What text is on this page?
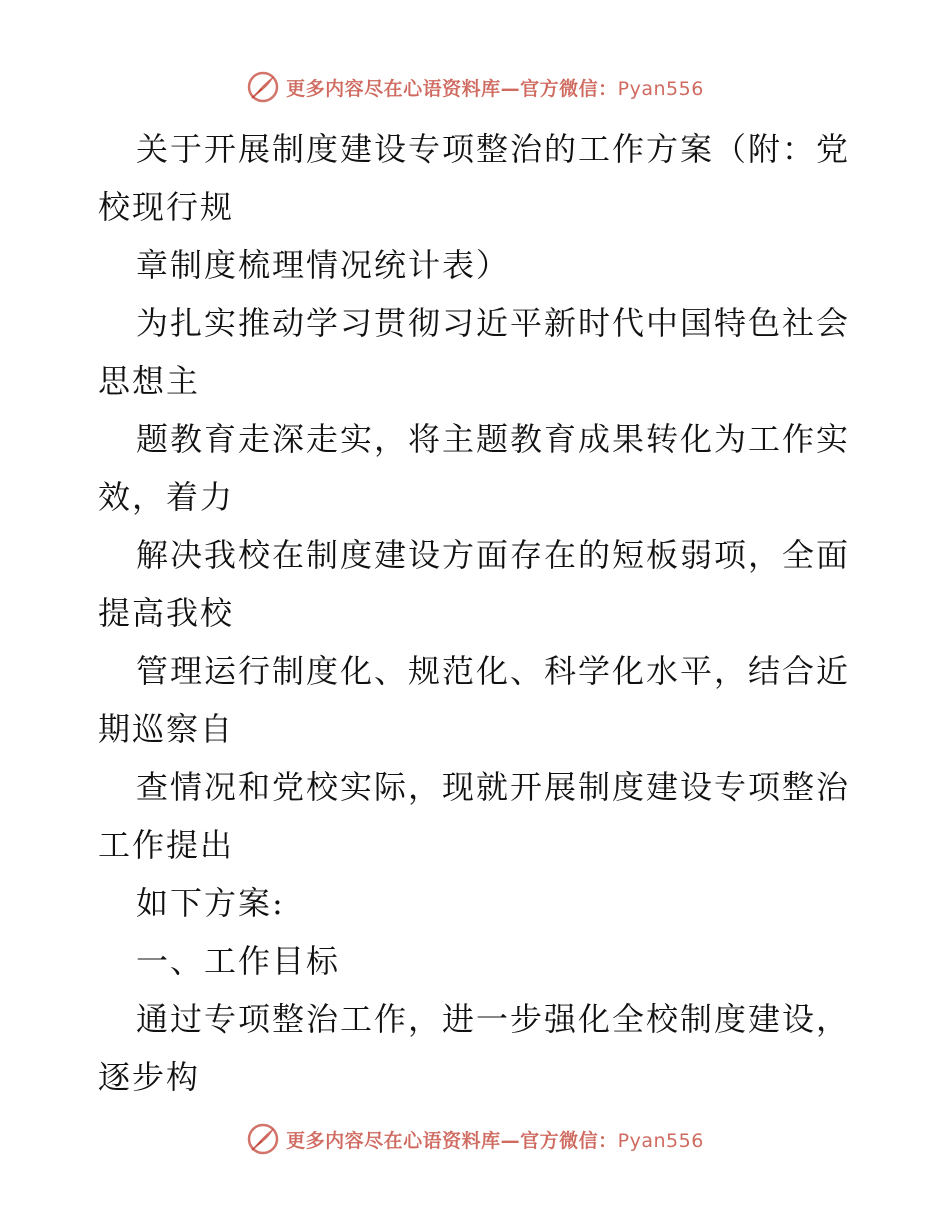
更多内容尽在心语资料库—官方微信：Pyan556

关于开展制度建设专项整治的工作方案（附：党校现行规

章制度梳理情况统计表）

为扎实推动学习贯彻习近平新时代中国特色社会思想主

题教育走深走实，将主题教育成果转化为工作实效，着力

解决我校在制度建设方面存在的短板弱项，全面提高我校

管理运行制度化、规范化、科学化水平，结合近期巡察自

查情况和党校实际，现就开展制度建设专项整治工作提出

如下方案:

一、工作目标

通过专项整治工作，进一步强化全校制度建设，逐步构

更多内容尽在心语资料库—官方微信：Pyan556
